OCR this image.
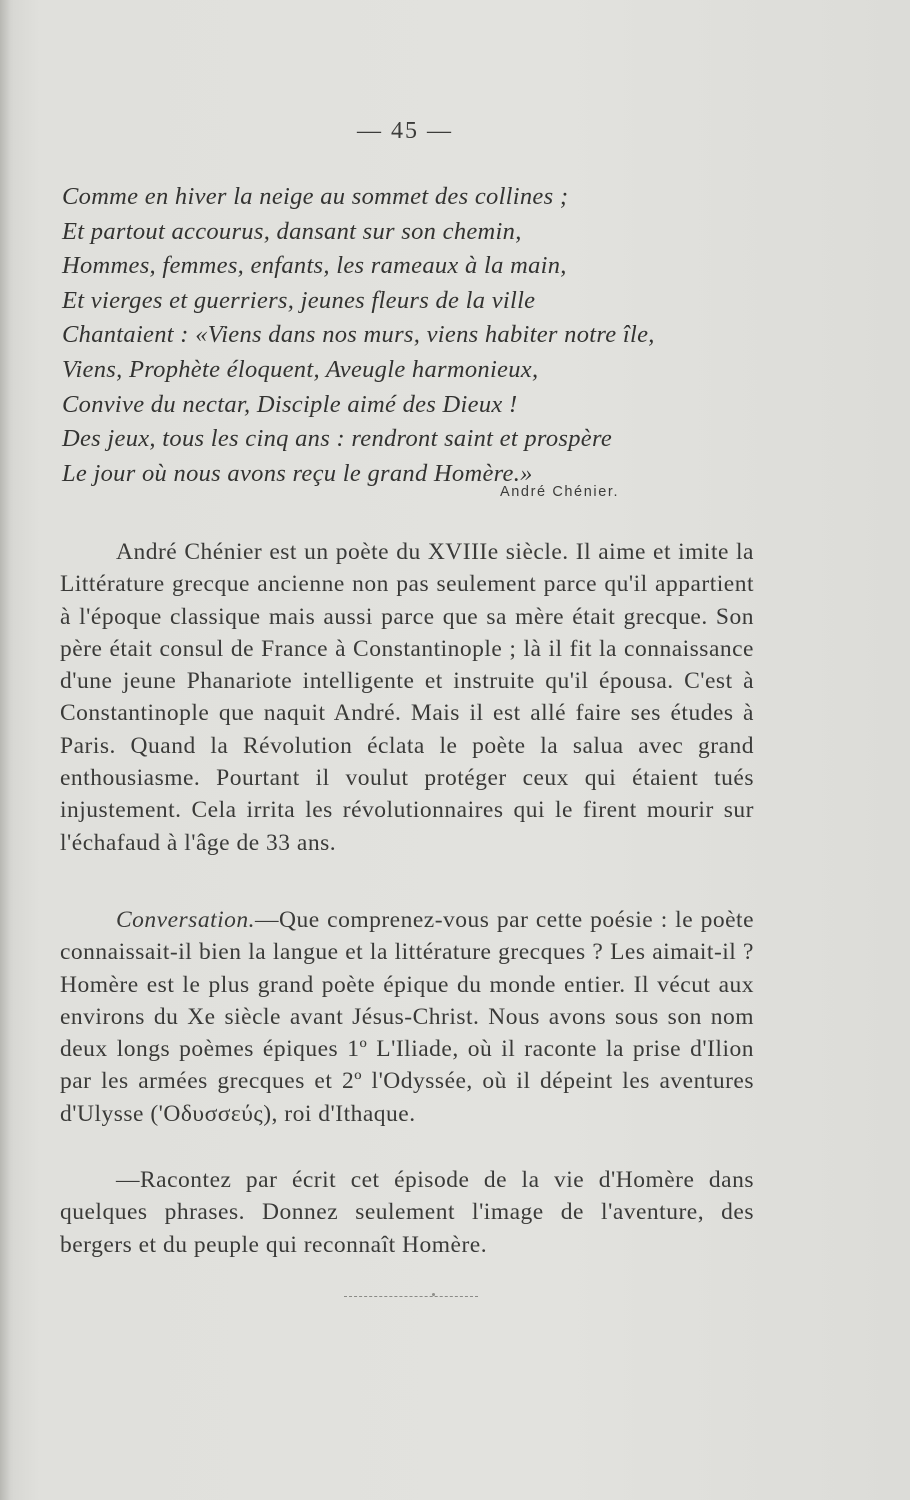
— 45 —
Comme en hiver la neige au sommet des collines ;
Et partout accourus, dansant sur son chemin,
Hommes, femmes, enfants, les rameaux à la main,
Et vierges et guerriers, jeunes fleurs de la ville
Chantaient : «Viens dans nos murs, viens habiter notre île,
Viens, Prophète éloquent, Aveugle harmonieux,
Convive du nectar, Disciple aimé des Dieux !
Des jeux, tous les cinq ans : rendront saint et prospère
Le jour où nous avons reçu le grand Homère.»
André Chénier.

André Chénier est un poète du XVIIIe siècle. Il aime et imite la Littérature grecque ancienne non pas seulement parce qu'il appartient à l'époque classique mais aussi parce que sa mère était grecque. Son père était consul de France à Constantinople ; là il fit la connaissance d'une jeune Phanariote intelligente et instruite qu'il épousa. C'est à Constantinople que naquit André. Mais il est allé faire ses études à Paris. Quand la Révolution éclata le poète la salua avec grand enthousiasme. Pourtant il voulut protéger ceux qui étaient tués injustement. Cela irrita les révolutionnaires qui le firent mourir sur l'échafaud à l'âge de 33 ans.

Conversation.—Que comprenez-vous par cette poésie : le poète connaissait-il bien la langue et la littérature grecques ? Les aimait-il ? Homère est le plus grand poète épique du monde entier. Il vécut aux environs du Xe siècle avant Jésus-Christ. Nous avons sous son nom deux longs poèmes épiques 1º L'Iliade, où il raconte la prise d'Ilion par les armées grecques et 2º l'Odyssée, où il dépeint les aventures d'Ulysse ('Οδυσσεύς), roi d'Ithaque.

—Racontez par écrit cet épisode de la vie d'Homère dans quelques phrases. Donnez seulement l'image de l'aventure, des bergers et du peuple qui reconnaît Homère.
